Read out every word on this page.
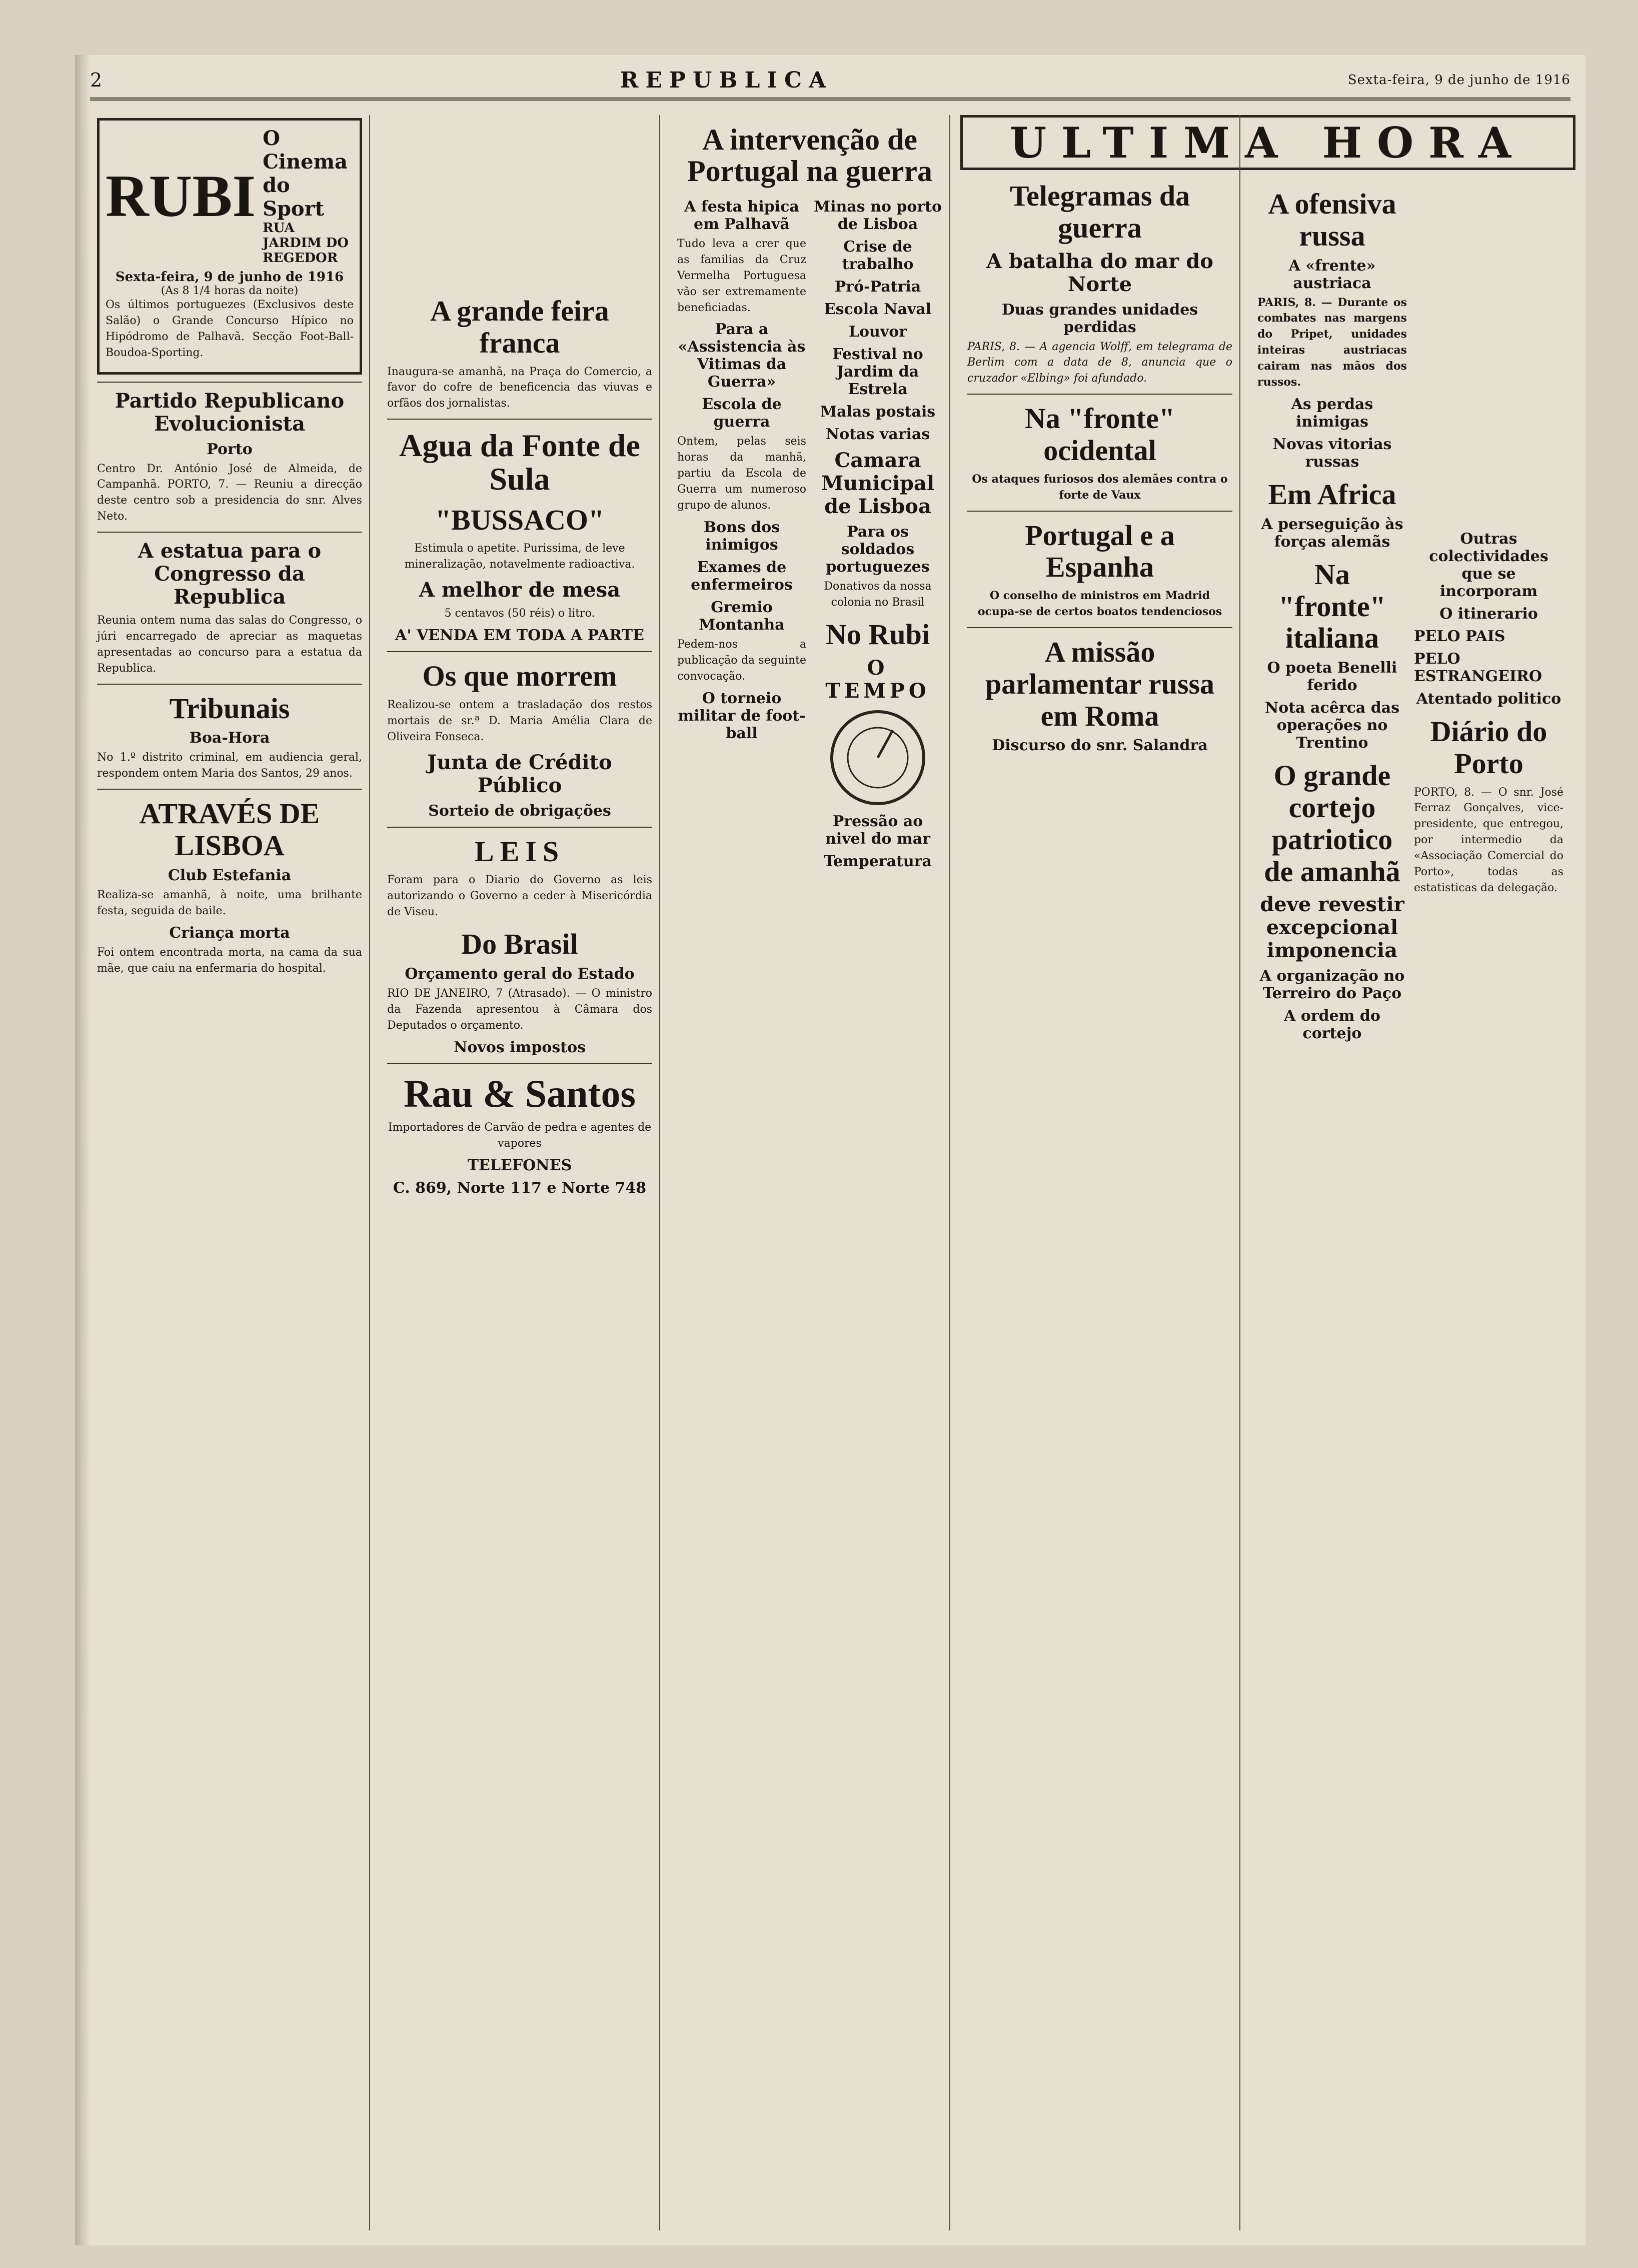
2	REPUBLICA	Sexta-feira, 9 de junho de 1916
RUBI
O Cinema do Sport
RUA JARDIM DO REGEDOR
Sexta-feira, 9 de junho de 1916
(As 8 1/4 horas da noite)

Os últimos portuguezes (Exclusivos deste Salão) o Grande Concurso Hípico no Hipódromo de Palhavã. Secção Foot-Ball-Boudoa-Sporting.

Partido Republicano Evolucionista
Porto

Centro Dr. António José de Almeida, de Campanhã. PORTO, 7. — Reuniu a direcção deste centro sob a presidencia do snr. Alves Neto.

A estatua para o Congresso da Republica

Reunia ontem numa das salas do Congresso, o júri encarregado de apreciar as maquetas apresentadas ao concurso para a estatua da Republica.

Tribunais
Boa-Hora

No 1.º distrito criminal, em audiencia geral, respondem ontem Maria dos Santos, 29 anos.

ATRAVÉS DE LISBOA
Club Estefania

Realiza-se amanhã, à noite, uma brilhante festa, seguida de baile.

Criança morta

Foi ontem encontrada morta, na cama da sua mãe, que caiu na enfermaria do hospital.

A grande feira franca

Inaugura-se amanhã, na Praça do Comercio, a favor do cofre de beneficencia das viuvas e orfãos dos jornalistas.

Agua da Fonte de Sula
"BUSSACO"

Estimula o apetite. Purissima, de leve mineralização, notavelmente radioactiva.

A melhor de mesa
5 centavos (50 réis) o litro.
A' VENDA EM TODA A PARTE
Os que morrem

Realizou-se ontem a trasladação dos restos mortais de sr.ª D. Maria Amélia Clara de Oliveira Fonseca.

Junta de Crédito Público
Sorteio de obrigações
LEIS

Foram para o Diario do Governo as leis autorizando o Governo a ceder à Misericórdia de Viseu.

Do Brasil
Orçamento geral do Estado

RIO DE JANEIRO, 7 (Atrasado). — O ministro da Fazenda apresentou à Câmara dos Deputados o orçamento.

Novos impostos
Rau & Santos
Importadores de Carvão de pedra e agentes de vapores
TELEFONES
C. 869, Norte 117 e Norte 748
A intervenção de Portugal na guerra
A festa hipica em Palhavã

Tudo leva a crer que as familias da Cruz Vermelha Portuguesa vão ser extremamente beneficiadas.

Para a «Assistencia às Vitimas da Guerra»
Escola de guerra

Ontem, pelas seis horas da manhã, partiu da Escola de Guerra um numeroso grupo de alunos.

Bons dos inimigos
Exames de enfermeiros
Gremio Montanha

Pedem-nos a publicação da seguinte convocação.

O torneio militar de foot-ball
Minas no porto de Lisboa
Crise de trabalho
Pró-Patria
Escola Naval
Louvor
Festival no Jardim da Estrela
Malas postais
Notas varias
Camara Municipal de Lisboa
Para os soldados portuguezes
Donativos da nossa colonia no Brasil
No Rubi
O TEMPO
Pressão ao nivel do mar
Temperatura
ULTIMA HORA
Telegramas da guerra
A batalha do mar do Norte
Duas grandes unidades perdidas

PARIS, 8. — A agencia Wolff, em telegrama de Berlim com a data de 8, anuncia que o cruzador «Elbing» foi afundado.

Na "fronte" ocidental
Os ataques furiosos dos alemães contra o forte de Vaux
Portugal e a Espanha
O conselho de ministros em Madrid ocupa-se de certos boatos tendenciosos
A missão parlamentar russa em Roma
Discurso do snr. Salandra
A ofensiva russa
A «frente» austriaca

PARIS, 8. — Durante os combates nas margens do Pripet, unidades inteiras austriacas cairam nas mãos dos russos.

As perdas inimigas
Novas vitorias russas
Em Africa
A perseguição às forças alemãs
Na "fronte" italiana
O poeta Benelli ferido
Nota acêrca das operações no Trentino
O grande cortejo patriotico de amanhã
deve revestir excepcional imponencia
A organização no Terreiro do Paço
A ordem do cortejo
Outras colectividades que se incorporam
O itinerario
PELO PAIS
PELO ESTRANGEIRO
Atentado politico
Diário do Porto

PORTO, 8. — O snr. José Ferraz Gonçalves, vice-presidente, que entregou, por intermedio da «Associação Comercial do Porto», todas as estatisticas da delegação.
